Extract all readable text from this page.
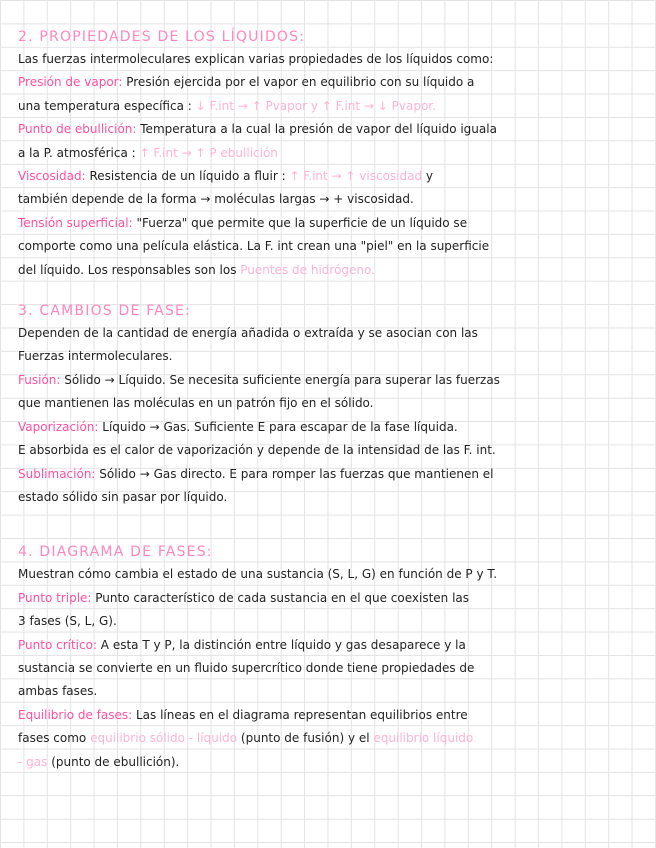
2. PROPIEDADES DE LOS LÍQUIDOS:

Las fuerzas intermoleculares explican varias propiedades de los líquidos como:

Presión de vapor: Presión ejercida por el vapor en equilibrio con su líquido a

una temperatura específica : ↓ F.int → ↑ Pvapor y ↑ F.int → ↓ Pvapor.

Punto de ebullición: Temperatura a la cual la presión de vapor del líquido iguala

a la P. atmosférica : ↑ F.int → ↑ P ebullición

Viscosidad: Resistencia de un líquido a fluir : ↑ F.int → ↑ viscosidad y

también depende de la forma → moléculas largas → + viscosidad.

Tensión superficial: "Fuerza" que permite que la superficie de un líquido se

comporte como una película elástica. La F. int crean una "piel" en la superficie

del líquido. Los responsables son los Puentes de hidrógeno.

3. CAMBIOS DE FASE:

Dependen de la cantidad de energía añadida o extraída y se asocian con las

Fuerzas intermoleculares.

Fusión: Sólido → Líquido. Se necesita suficiente energía para superar las fuerzas

que mantienen las moléculas en un patrón fijo en el sólido.

Vaporización: Líquido → Gas. Suficiente E para escapar de la fase líquida.

E absorbida es el calor de vaporización y depende de la intensidad de las F. int.

Sublimación: Sólido → Gas directo. E para romper las fuerzas que mantienen el

estado sólido sin pasar por líquido.

4. DIAGRAMA DE FASES:

Muestran cómo cambia el estado de una sustancia (S, L, G) en función de P y T.

Punto triple: Punto característico de cada sustancia en el que coexisten las

3 fases (S, L, G).

Punto crítico: A esta T y P, la distinción entre líquido y gas desaparece y la

sustancia se convierte en un fluido supercrítico donde tiene propiedades de

ambas fases.

Equilibrio de fases: Las líneas en el diagrama representan equilibrios entre

fases como equilibrio sólido - líquido (punto de fusión) y el equilibrio líquido

- gas (punto de ebullición).
